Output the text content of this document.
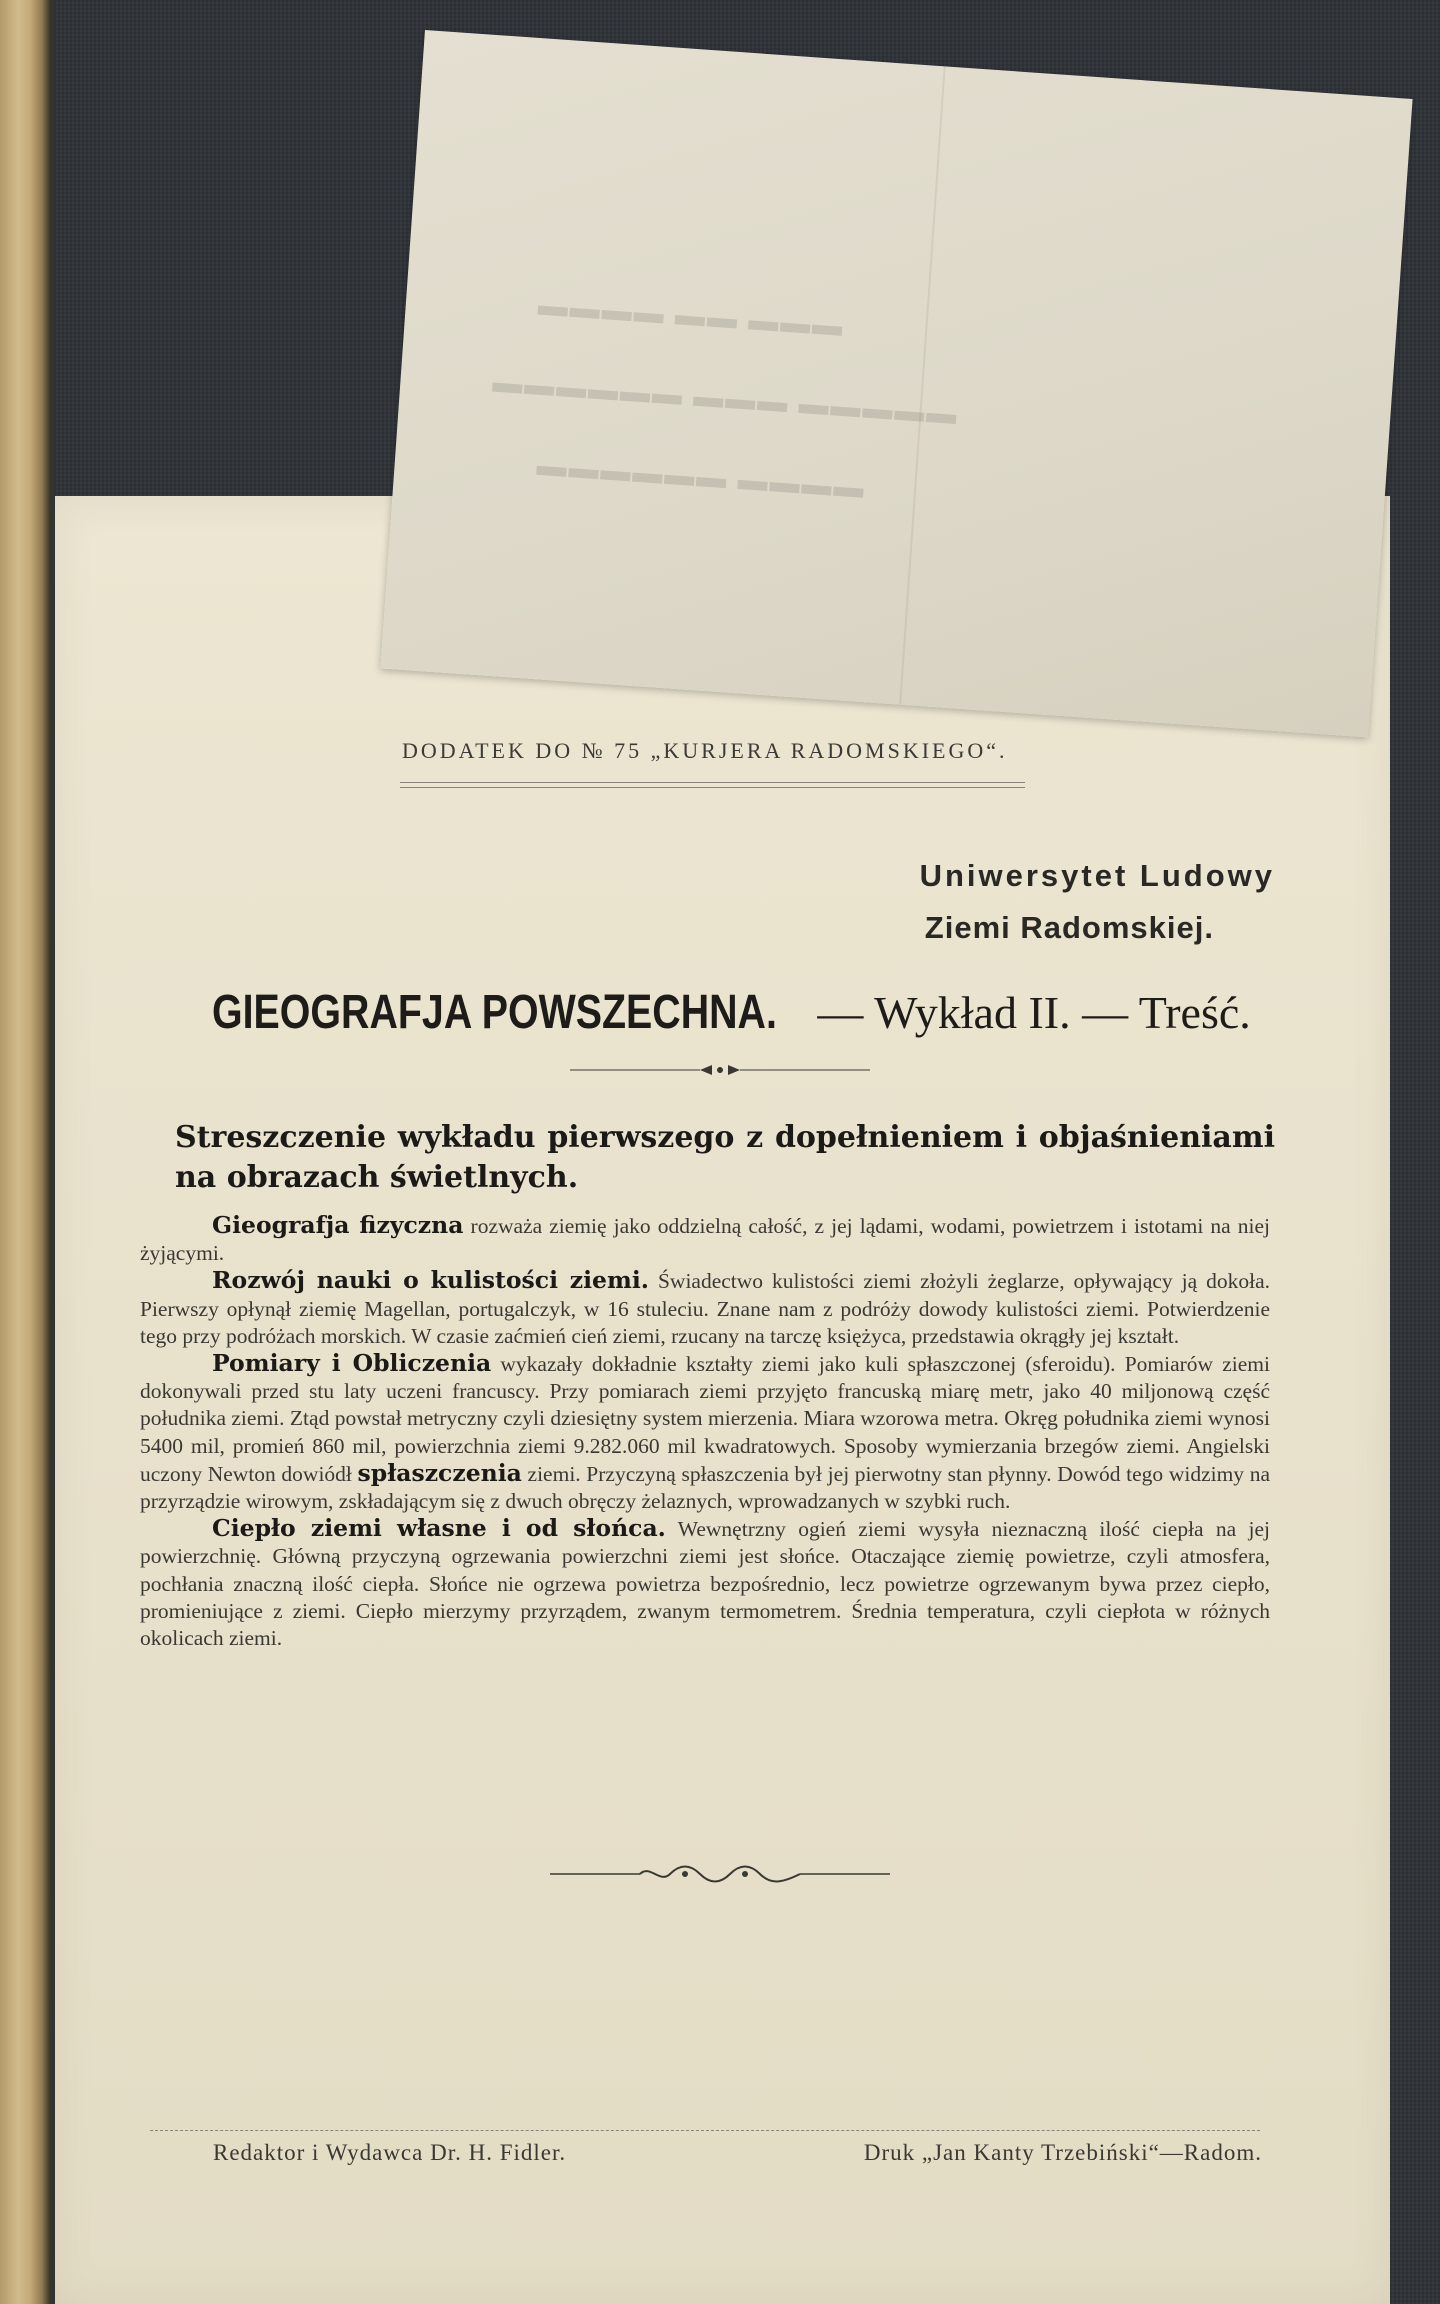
▬▬▬ ▬▬ ▬▬▬▬
▬▬▬▬▬ ▬▬▬ ▬▬▬▬▬▬
▬▬▬▬ ▬▬▬▬▬▬

DODATEK DO № 75 „KURJERA RADOMSKIEGO“.

Uniwersytet Ludowy

Ziemi Radomskiej.

GIEOGRAFJA POWSZECHNA. — Wykład II. — Treść.

Streszczenie wykładu pierwszego z dopełnieniem i objaśnieniami na obrazach świetlnych.

Gieografja fizyczna rozważa ziemię jako oddzielną całość, z jej lądami, wodami, powietrzem i istotami na niej żyjącymi.

Rozwój nauki o kulistości ziemi. Świadectwo kulistości ziemi złożyli żeglarze, opływający ją dokoła. Pierwszy opłynął ziemię Magellan, portugalczyk, w 16 stuleciu. Znane nam z podróży dowody kulistości ziemi. Potwierdzenie tego przy podróżach morskich. W czasie zaćmień cień ziemi, rzucany na tarczę księżyca, przedstawia okrągły jej kształt.

Pomiary i Obliczenia wykazały dokładnie kształty ziemi jako kuli spłaszczonej (sferoidu). Pomiarów ziemi dokonywali przed stu laty uczeni francuscy. Przy pomiarach ziemi przyjęto francuską miarę metr, jako 40 miljonową część południka ziemi. Ztąd powstał metryczny czyli dziesiętny system mierzenia. Miara wzorowa metra. Okręg południka ziemi wynosi 5400 mil, promień 860 mil, powierzchnia ziemi 9.282.060 mil kwadratowych. Sposoby wymierzania brzegów ziemi. Angielski uczony Newton dowiódł spłaszczenia ziemi. Przyczyną spłaszczenia był jej pierwotny stan płynny. Dowód tego widzimy na przyrządzie wirowym, zskładającym się z dwuch obręczy żelaznych, wprowadzanych w szybki ruch.

Ciepło ziemi własne i od słońca. Wewnętrzny ogień ziemi wysyła nieznaczną ilość ciepła na jej powierzchnię. Główną przyczyną ogrzewania powierzchni ziemi jest słońce. Otaczające ziemię powietrze, czyli atmosfera, pochłania znaczną ilość ciepła. Słońce nie ogrzewa powietrza bezpośrednio, lecz powietrze ogrzewanym bywa przez ciepło, promieniujące z ziemi. Ciepło mierzymy przyrządem, zwanym termometrem. Średnia temperatura, czyli ciepłota w różnych okolicach ziemi.

Redaktor i Wydawca Dr. H. Fidler.	Druk „Jan Kanty Trzebiński“—Radom.
